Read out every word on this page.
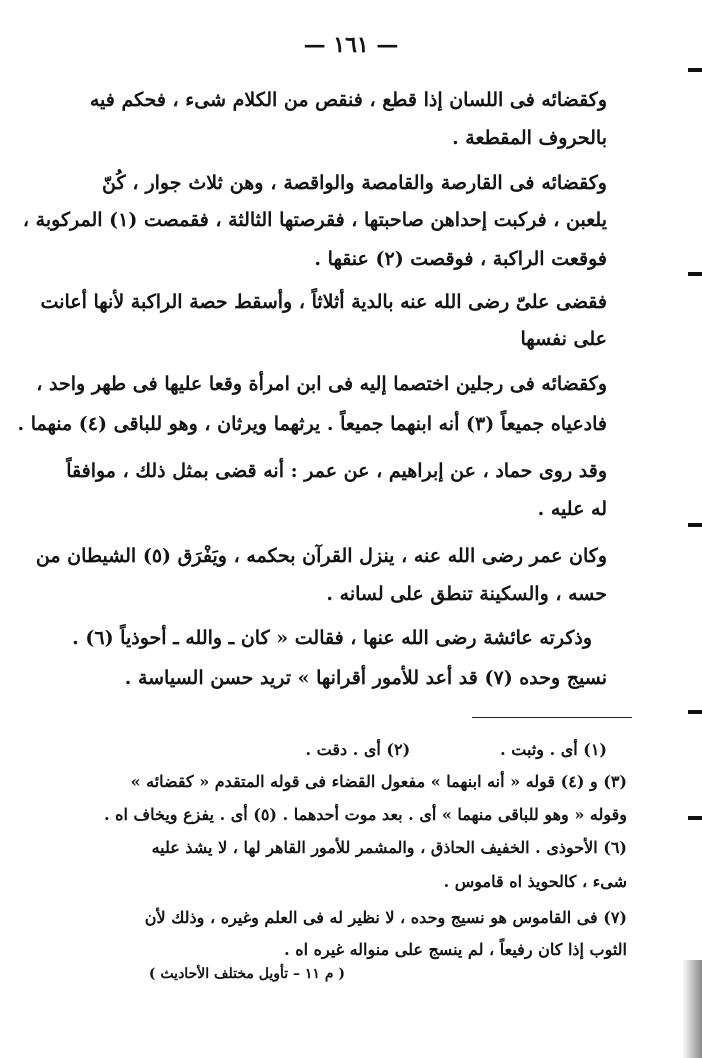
— ١٦١ —
وكقضائه فى اللسان إذا قطع ، فنقص من الكلام شىء ، فحكم فيه
بالحروف المقطعة .
وكقضائه فى القارصة والقامصة والواقصة ، وهن ثلاث جوار ، كُنّ
يلعبن ، فركبت إحداهن صاحبتها ، فقرصتها الثالثة ، فقمصت (١) المركوبة ،
فوقعت الراكبة ، فوقصت (٢) عنقها .
فقضى علىّ رضى الله عنه بالدية أثلاثاً ، وأسقط حصة الراكبة لأنها أعانت
على نفسها
وكقضائه فى رجلين اختصما إليه فى ابن امرأة وقعا عليها فى طهر واحد ،
فادعياه جميعاً (٣) أنه ابنهما جميعاً . يرثهما ويرثان ، وهو للباقى (٤) منهما .
وقد روى حماد ، عن إبراهيم ، عن عمر : أنه قضى بمثل ذلك ، موافقاً
له عليه .
وكان عمر رضى الله عنه ، ينزل القرآن بحكمه ، ويَفْرَق (٥) الشيطان من
حسه ، والسكينة تنطق على لسانه .
وذكرته عائشة رضى الله عنها ، فقالت « كان ـ والله ـ أحوذياً (٦) .
نسيج وحده (٧) قد أعد للأمور أقرانها » تريد حسن السياسة .
(١) أى . وثبت .
(٢) أى . دقت .
(٣) و (٤) قوله « أنه ابنهما » مفعول القضاء فى قوله المتقدم « كقضائه »
وقوله « وهو للباقى منهما » أى . بعد موت أحدهما . (٥) أى . يفزع ويخاف اه .
(٦) الأحوذى . الخفيف الحاذق ، والمشمر للأمور القاهر لها ، لا يشذ عليه
شىء ، كالحويذ اه قاموس .
(٧) فى القاموس هو نسيج وحده ، لا نظير له فى العلم وغيره ، وذلك لأن
الثوب إذا كان رفيعاً ، لم ينسج على منواله غيره اه .
( م ١١ – تأويل مختلف الأحاديث )
